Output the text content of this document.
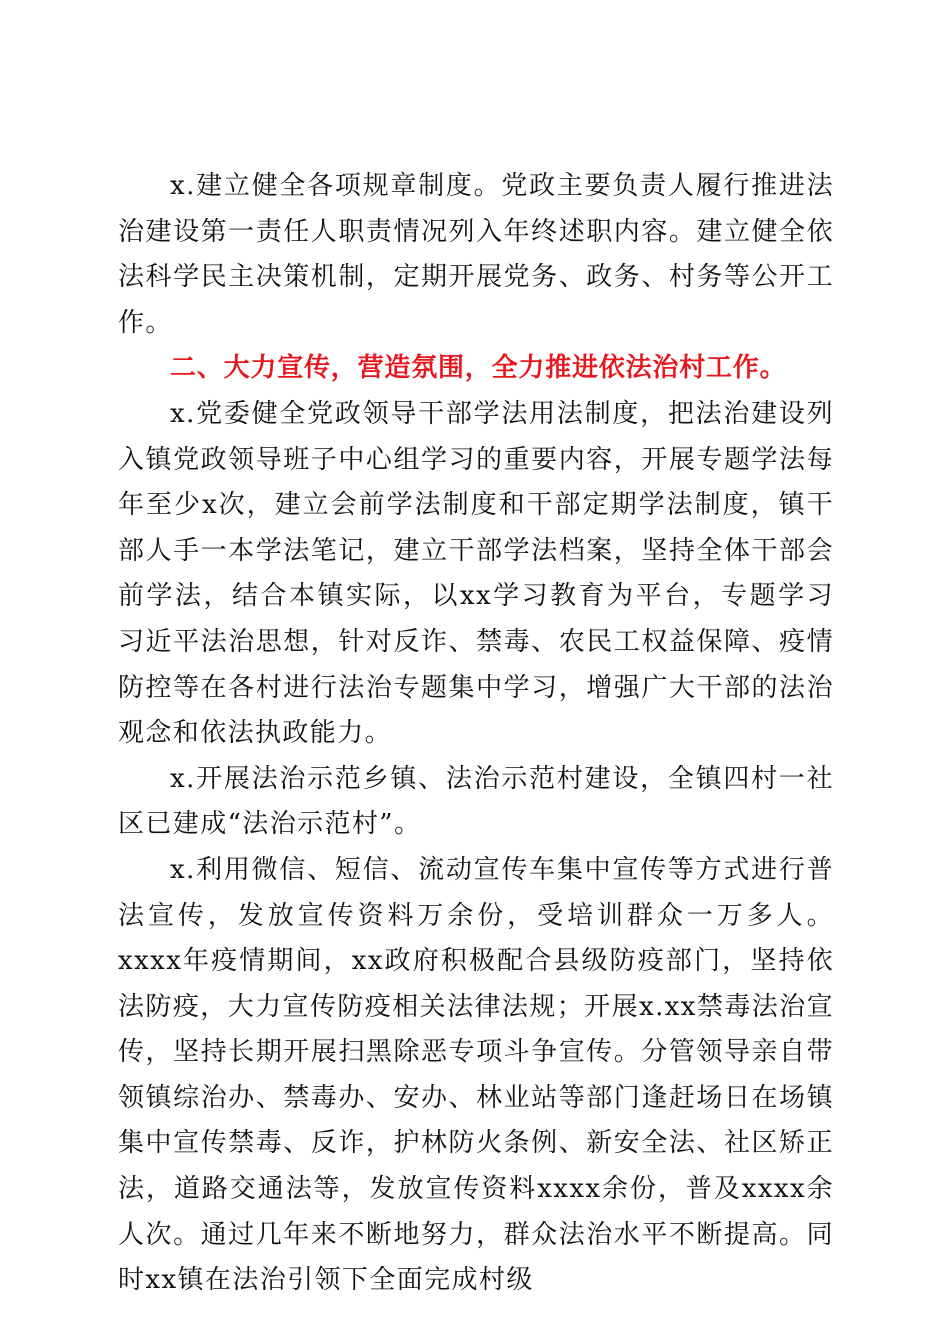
x.建立健全各项规章制度。党政主要负责人履行推进法治建设第一责任人职责情况列入年终述职内容。建立健全依法科学民主决策机制，定期开展党务、政务、村务等公开工作。

二、大力宣传，营造氛围，全力推进依法治村工作。

x.党委健全党政领导干部学法用法制度，把法治建设列入镇党政领导班子中心组学习的重要内容，开展专题学法每年至少x次，建立会前学法制度和干部定期学法制度，镇干部人手一本学法笔记，建立干部学法档案，坚持全体干部会前学法，结合本镇实际，以xx学习教育为平台，专题学习习近平法治思想，针对反诈、禁毒、农民工权益保障、疫情防控等在各村进行法治专题集中学习，增强广大干部的法治观念和依法执政能力。

x.开展法治示范乡镇、法治示范村建设，全镇四村一社区已建成“法治示范村”。

x.利用微信、短信、流动宣传车集中宣传等方式进行普法宣传，发放宣传资料万余份，受培训群众一万多人。xxxx年疫情期间，xx政府积极配合县级防疫部门，坚持依法防疫，大力宣传防疫相关法律法规；开展x.xx禁毒法治宣传，坚持长期开展扫黑除恶专项斗争宣传。分管领导亲自带领镇综治办、禁毒办、安办、林业站等部门逢赶场日在场镇集中宣传禁毒、反诈，护林防火条例、新安全法、社区矫正法，道路交通法等，发放宣传资料xxxx余份，普及xxxx余人次。通过几年来不断地努力，群众法治水平不断提高。同时xx镇在法治引领下全面完成村级
